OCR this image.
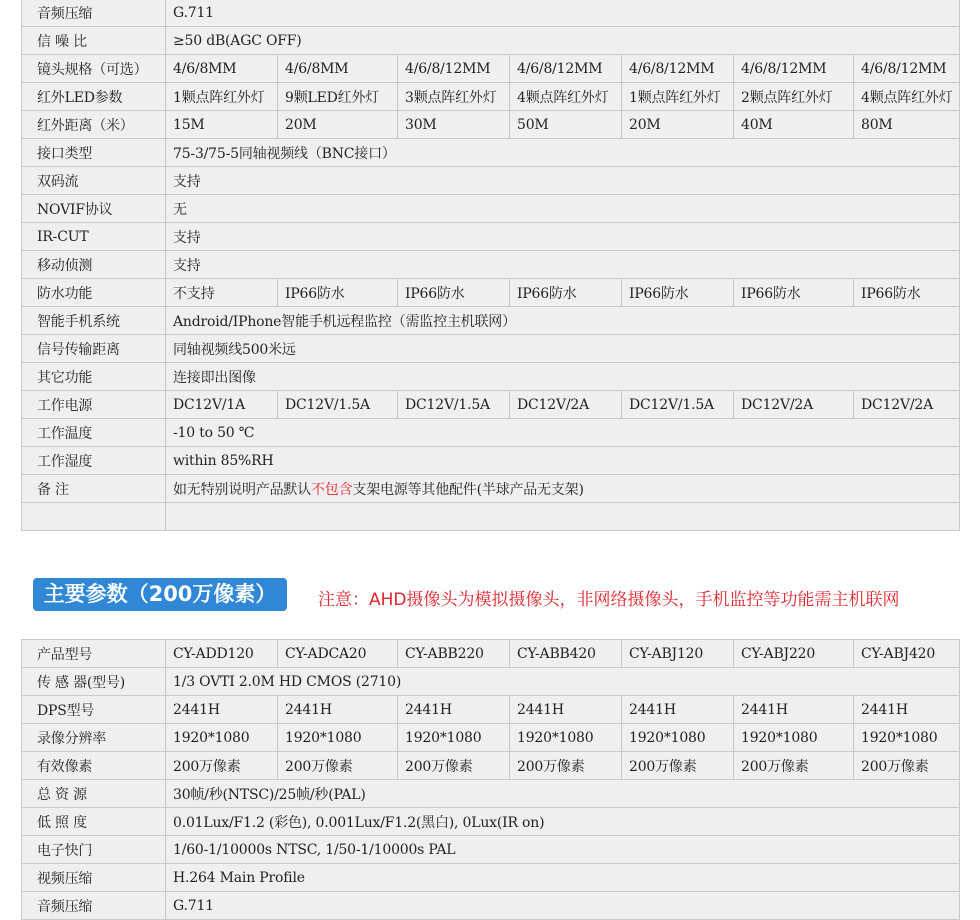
音频压缩	G.711						
信 噪 比	≥50 dB(AGC OFF)						
镜头规格（可选）	4/6/8MM	4/6/8MM	4/6/8/12MM	4/6/8/12MM	4/6/8/12MM	4/6/8/12MM	4/6/8/12MM
红外LED参数	1颗点阵红外灯	9颗LED红外灯	3颗点阵红外灯	4颗点阵红外灯	1颗点阵红外灯	2颗点阵红外灯	4颗点阵红外灯
红外距离（米）	15M	20M	30M	50M	20M	40M	80M
接口类型	75-3/75-5同轴视频线（BNC接口）						
双码流	支持						
NOVIF协议	无						
IR-CUT	支持						
移动侦测	支持						
防水功能	不支持	IP66防水	IP66防水	IP66防水	IP66防水	IP66防水	IP66防水
智能手机系统	Android/IPhone智能手机远程监控（需监控主机联网）						
信号传输距离	同轴视频线500米远						
其它功能	连接即出图像						
工作电源	DC12V/1A	DC12V/1.5A	DC12V/1.5A	DC12V/2A	DC12V/1.5A	DC12V/2A	DC12V/2A
工作温度	-10 to 50 ℃						
工作湿度	within 85%RH						
备 注	如无特别说明产品默认不包含支架电源等其他配件(半球产品无支架)						

主要参数（200万像素）	注意：AHD摄像头为模拟摄像头，非网络摄像头，手机监控等功能需主机联网
产品型号	CY-ADD120	CY-ADCA20	CY-ABB220	CY-ABB420	CY-ABJ120	CY-ABJ220	CY-ABJ420
传 感 器(型号)	1/3 OVTI 2.0M HD CMOS (2710)						
DPS型号	2441H	2441H	2441H	2441H	2441H	2441H	2441H
录像分辨率	1920*1080	1920*1080	1920*1080	1920*1080	1920*1080	1920*1080	1920*1080
有效像素	200万像素	200万像素	200万像素	200万像素	200万像素	200万像素	200万像素
总 资 源	30帧/秒(NTSC)/25帧/秒(PAL)						
低 照 度	0.01Lux/F1.2 (彩色), 0.001Lux/F1.2(黑白), 0Lux(IR on)						
电子快门	1/60-1/10000s NTSC, 1/50-1/10000s PAL						
视频压缩	H.264 Main Profile						
音频压缩	G.711						
